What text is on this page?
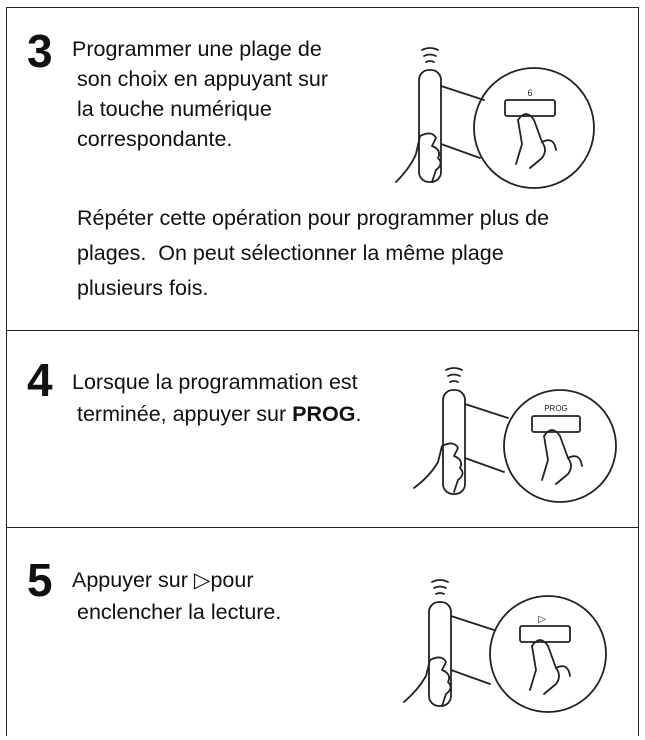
3 Programmer une plage de
son choix en appuyant sur
la touche numérique
correspondante.
Répéter cette opération pour programmer plus de
plages.  On peut sélectionner la même plage
plusieurs fois.
6
4 Lorsque la programmation est
terminée, appuyer sur PROG.	PROG
5 Appuyer sur ▷pour
enclencher la lecture.	▷
